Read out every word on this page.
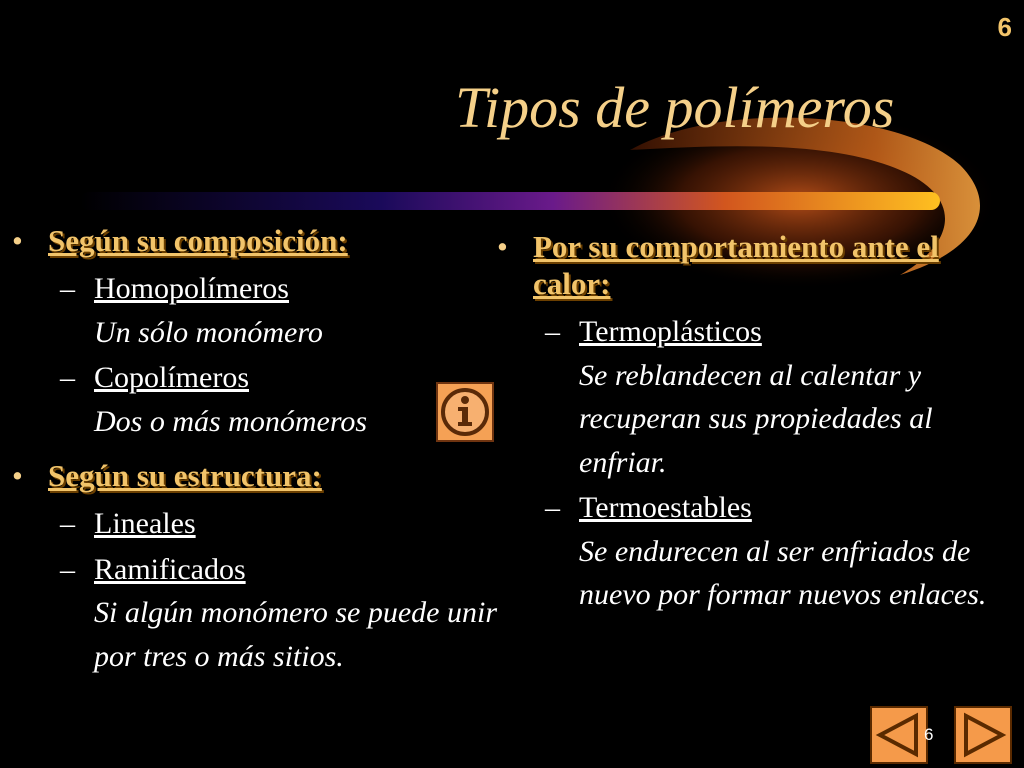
6
Tipos de polímeros
• Según su composición:
– Homopolímeros
Un sólo monómero
– Copolímeros
Dos o más monómeros
• Según su estructura:
– Lineales
– Ramificados
Si algún monómero se puede unir por tres o más sitios.
• Por su comportamiento ante el calor:
– Termoplásticos
Se reblandecen al calentar y recuperan sus propiedades al enfriar.
– Termoestables
Se endurecen al ser enfriados de nuevo por formar nuevos enlaces.
6
